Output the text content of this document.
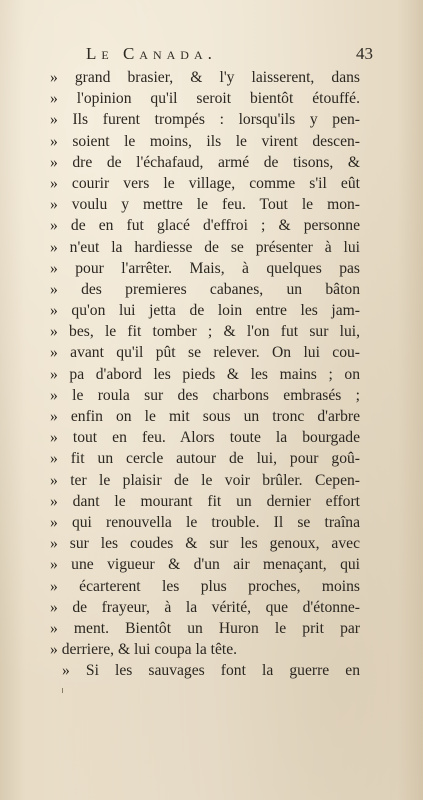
Le Canada.	43
» grand brasier, & l'y laisserent, dans
» l'opinion qu'il seroit bientôt étouffé.
» Ils furent trompés : lorsqu'ils y pen-
» soient le moins, ils le virent descen-
» dre de l'échafaud, armé de tisons, &
» courir vers le village, comme s'il eût
» voulu y mettre le feu. Tout le mon-
» de en fut glacé d'effroi ; & personne
» n'eut la hardiesse de se présenter à lui
» pour l'arrêter. Mais, à quelques pas
» des premieres cabanes, un bâton
» qu'on lui jetta de loin entre les jam-
» bes, le fit tomber ; & l'on fut sur lui,
» avant qu'il pût se relever. On lui cou-
» pa d'abord les pieds & les mains ; on
» le roula sur des charbons embrasés ;
» enfin on le mit sous un tronc d'arbre
» tout en feu. Alors toute la bourgade
» fit un cercle autour de lui, pour goû-
» ter le plaisir de le voir brûler. Cepen-
» dant le mourant fit un dernier effort
» qui renouvella le trouble. Il se traîna
» sur les coudes & sur les genoux, avec
» une vigueur & d'un air menaçant, qui
» écarterent les plus proches, moins
» de frayeur, à la vérité, que d'étonne-
» ment. Bientôt un Huron le prit par
» derriere, & lui coupa la tête.
» Si les sauvages font la guerre en
